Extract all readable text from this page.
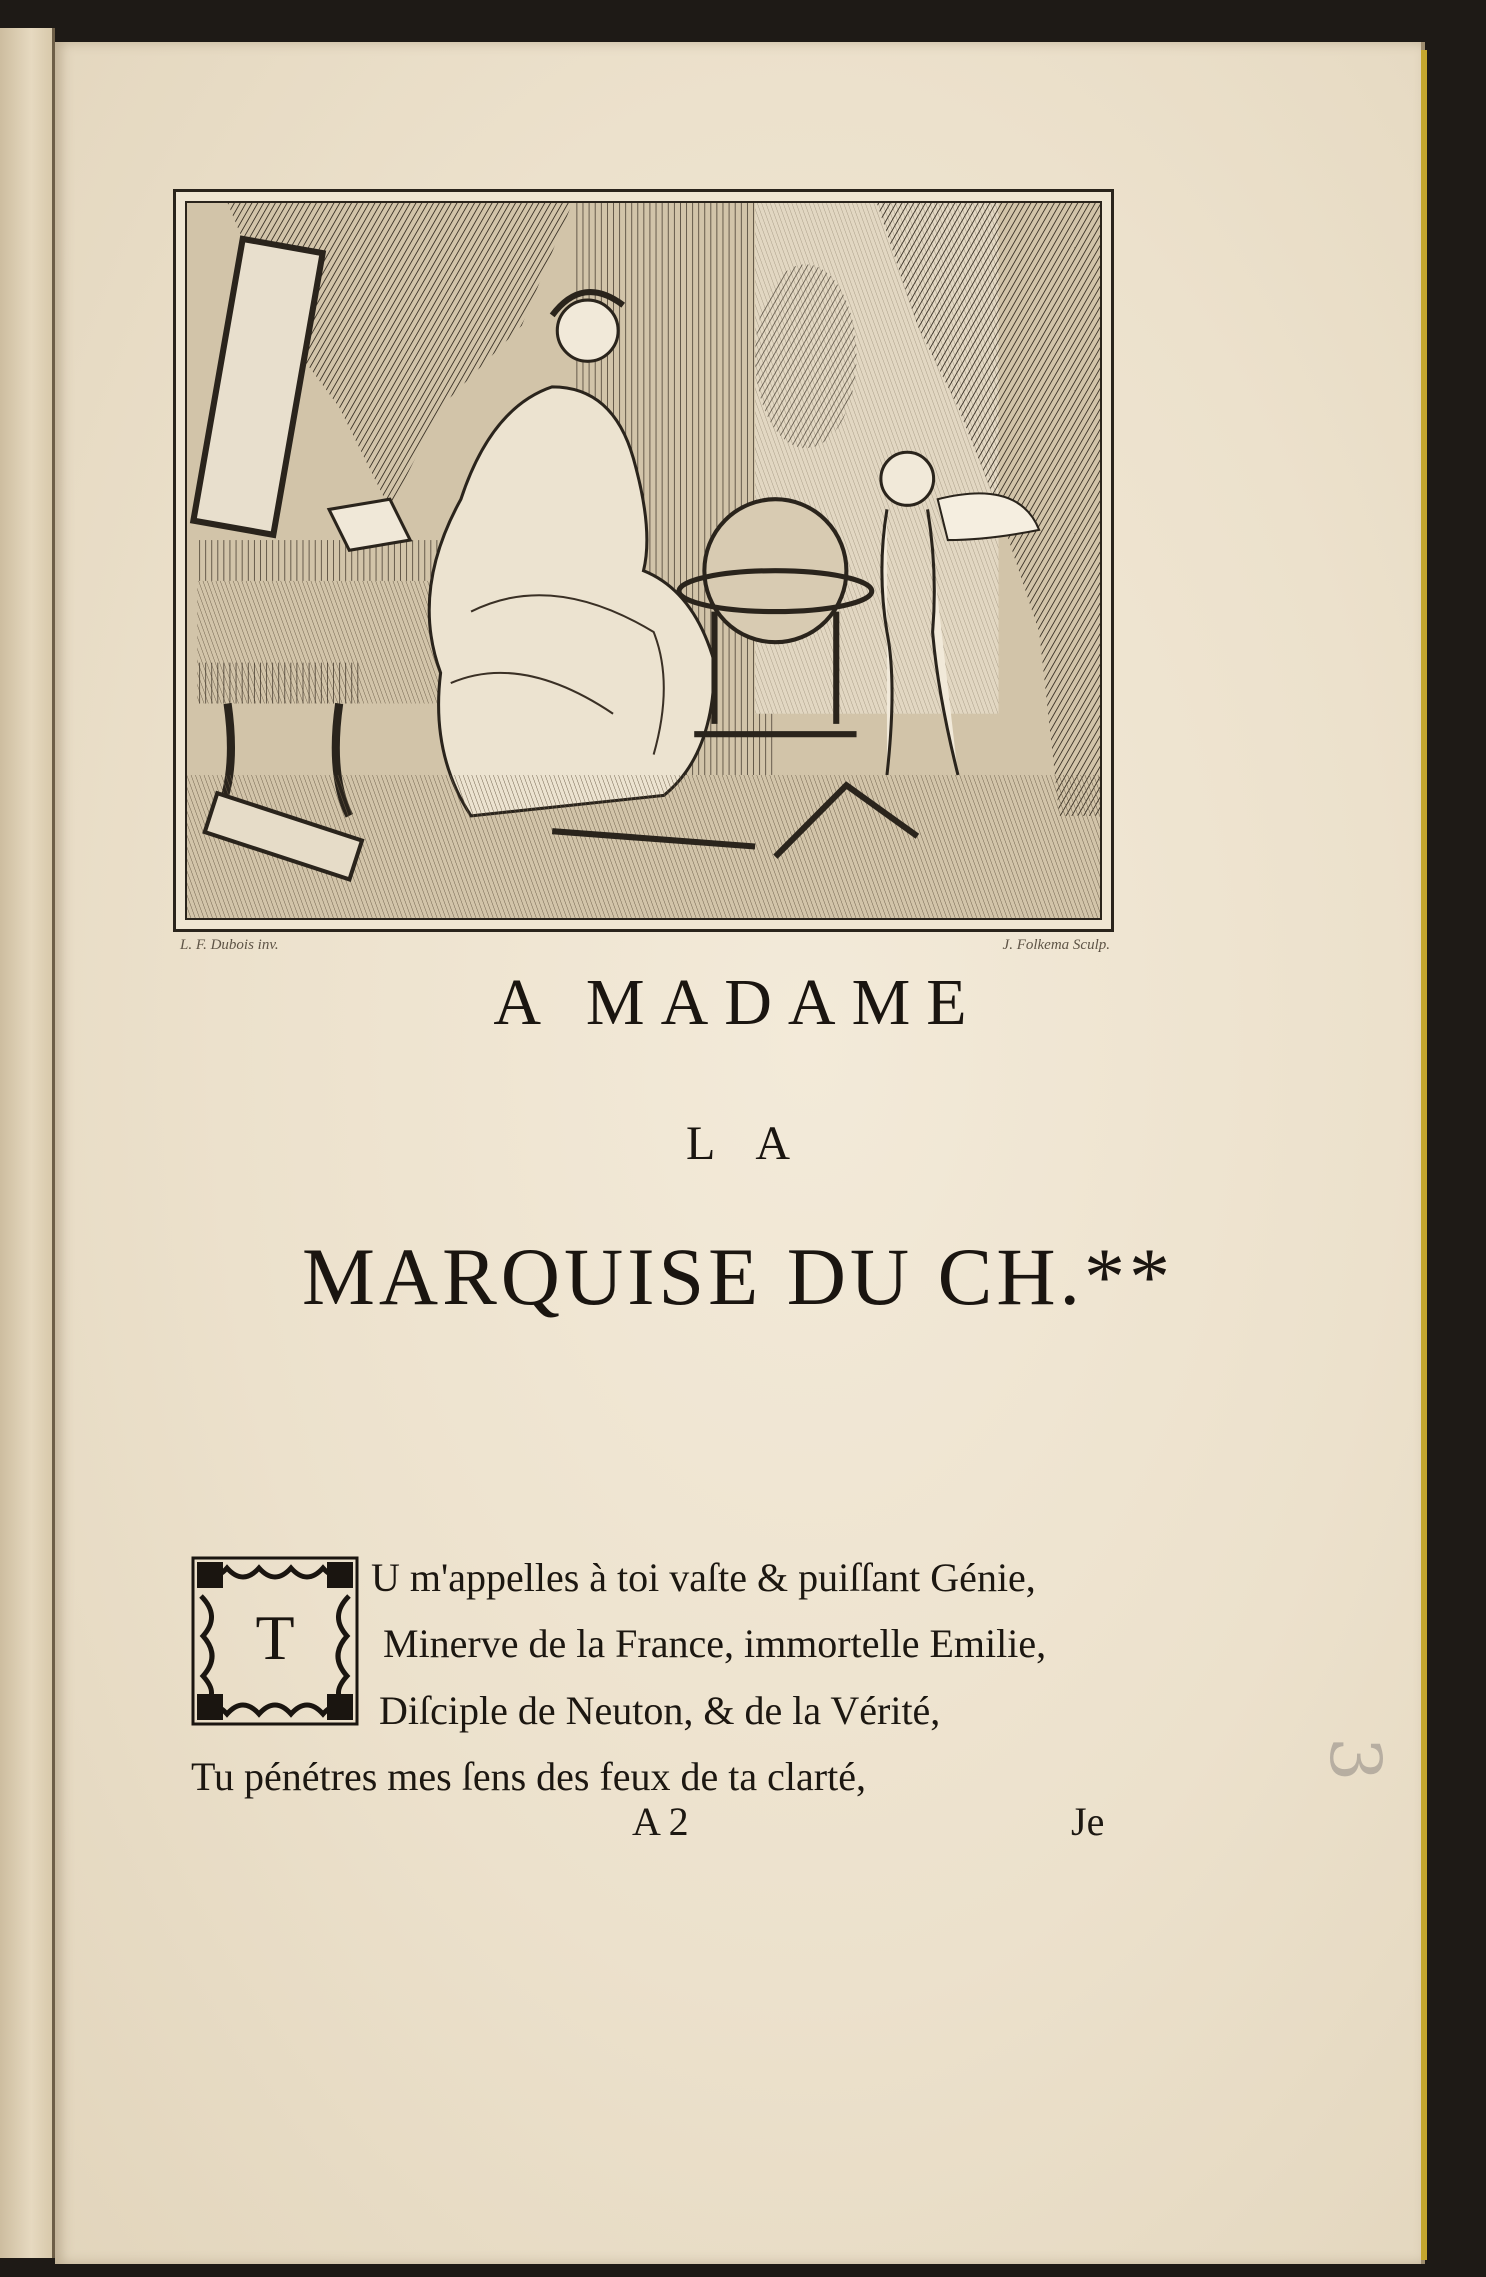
L. F. Dubois inv.	J. Folkema Sculp.
A MADAME
LA
MARQUISE DU CH.**
T
U m'appelles à toi vaſte & puiſſant Génie,
Minerve de la France, immortelle Emilie,
Diſciple de Neuton, & de la Vérité,
Tu pénétres mes ſens des feux de ta clarté,
A 2	Je
3
